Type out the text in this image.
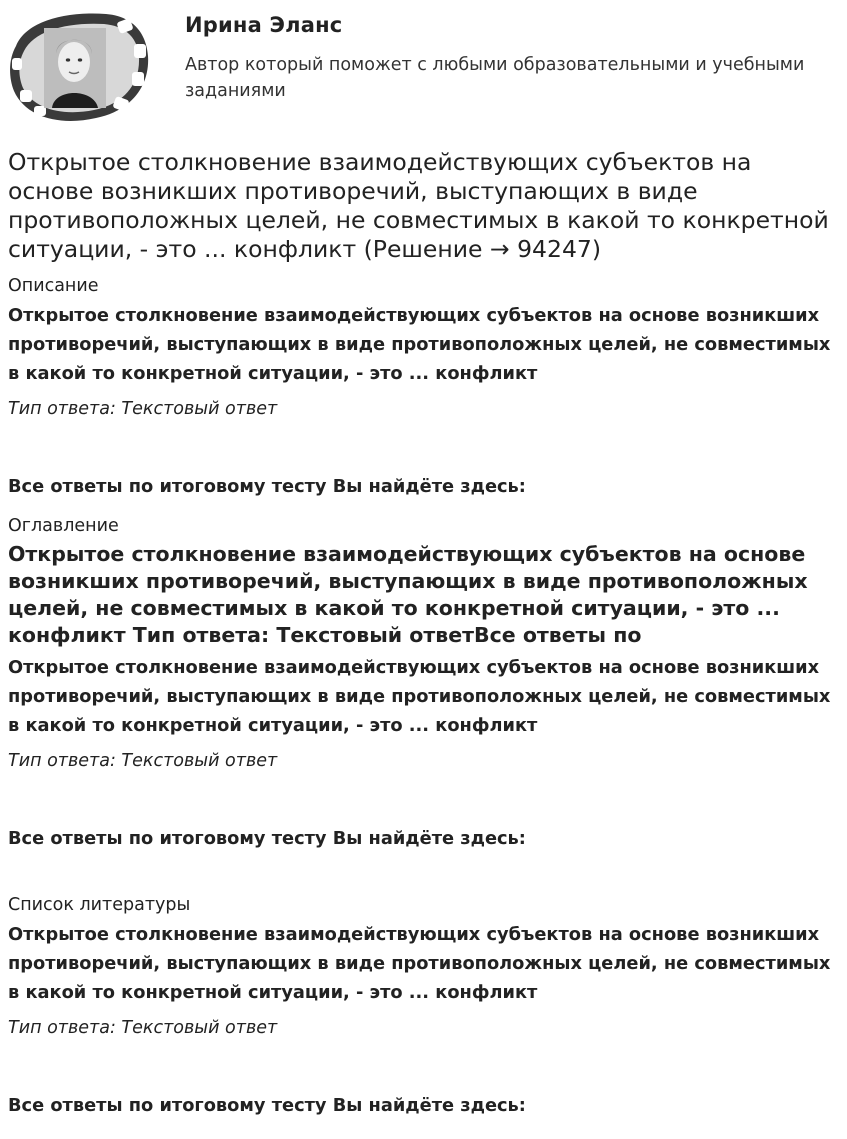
Ирина Эланс
Автор который поможет с любыми образовательными и учебными заданиями
Открытое столкновение взаимодействующих субъектов на основе возникших противоречий, выступающих в виде противоположных целей, не совместимых в какой то конкретной ситуации, - это ... конфликт (Решение → 94247)

Описание

Открытое столкновение взаимодействующих субъектов на основе возникших противоречий, выступающих в виде противоположных целей, не совместимых в какой то конкретной ситуации, - это ... конфликт

Тип ответа: Текстовый ответ

Все ответы по итоговому тесту Вы найдёте здесь:

Оглавление

Открытое столкновение взаимодействующих субъектов на основе возникших противоречий, выступающих в виде противоположных целей, не совместимых в какой то конкретной ситуации, - это ... конфликт Тип ответа: Текстовый ответВсе ответы по

Открытое столкновение взаимодействующих субъектов на основе возникших противоречий, выступающих в виде противоположных целей, не совместимых в какой то конкретной ситуации, - это ... конфликт

Тип ответа: Текстовый ответ

Все ответы по итоговому тесту Вы найдёте здесь:

Список литературы

Открытое столкновение взаимодействующих субъектов на основе возникших противоречий, выступающих в виде противоположных целей, не совместимых в какой то конкретной ситуации, - это ... конфликт

Тип ответа: Текстовый ответ

Все ответы по итоговому тесту Вы найдёте здесь:
